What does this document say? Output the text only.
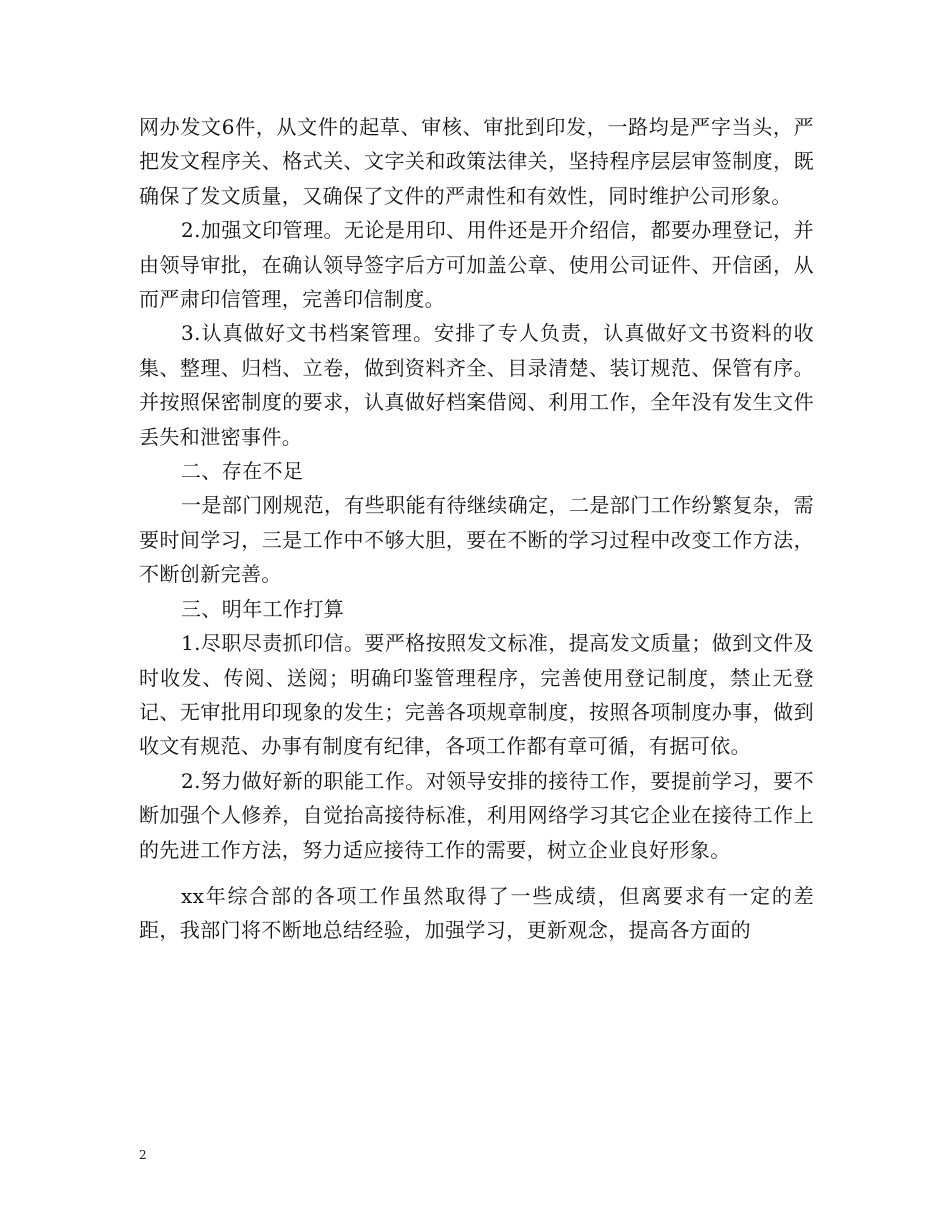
网办发文6件，从文件的起草、审核、审批到印发，一路均是严字当头，严把发文程序关、格式关、文字关和政策法律关，坚持程序层层审签制度，既确保了发文质量，又确保了文件的严肃性和有效性，同时维护公司形象。

2.加强文印管理。无论是用印、用件还是开介绍信，都要办理登记，并由领导审批，在确认领导签字后方可加盖公章、使用公司证件、开信函，从而严肃印信管理，完善印信制度。

3.认真做好文书档案管理。安排了专人负责，认真做好文书资料的收集、整理、归档、立卷，做到资料齐全、目录清楚、装订规范、保管有序。并按照保密制度的要求，认真做好档案借阅、利用工作，全年没有发生文件丢失和泄密事件。

二、存在不足

一是部门刚规范，有些职能有待继续确定，二是部门工作纷繁复杂，需要时间学习，三是工作中不够大胆，要在不断的学习过程中改变工作方法，不断创新完善。

三、明年工作打算

1.尽职尽责抓印信。要严格按照发文标准，提高发文质量；做到文件及时收发、传阅、送阅；明确印鉴管理程序，完善使用登记制度，禁止无登记、无审批用印现象的发生；完善各项规章制度，按照各项制度办事，做到收文有规范、办事有制度有纪律，各项工作都有章可循，有据可依。

2.努力做好新的职能工作。对领导安排的接待工作，要提前学习，要不断加强个人修养，自觉抬高接待标准，利用网络学习其它企业在接待工作上的先进工作方法，努力适应接待工作的需要，树立企业良好形象。

xx年综合部的各项工作虽然取得了一些成绩，但离要求有一定的差距，我部门将不断地总结经验，加强学习，更新观念，提高各方面的

2
